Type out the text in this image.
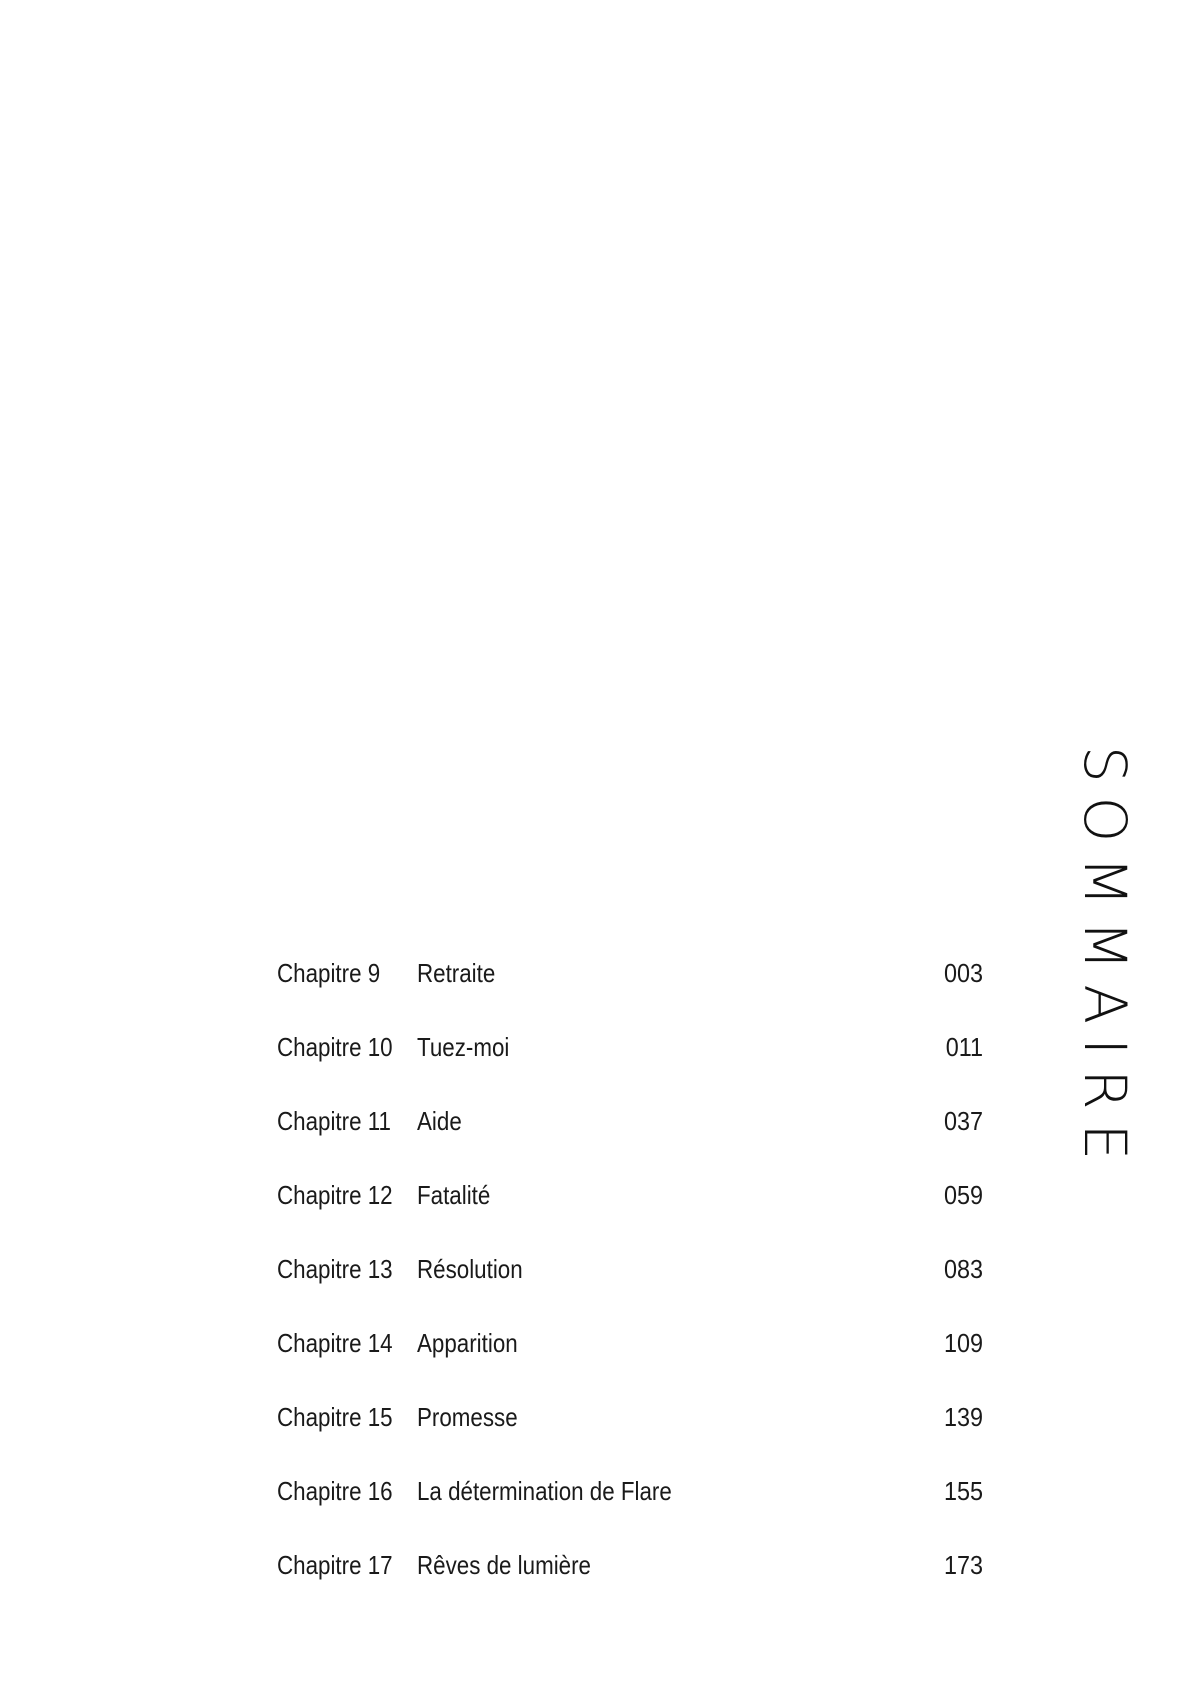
SOMMAIRE
Chapitre 9	Retraite	003
Chapitre 10 Tuez-moi	011
Chapitre 11 Aide	037
Chapitre 12 Fatalité	059
Chapitre 13 Résolution	083
Chapitre 14 Apparition	109
Chapitre 15 Promesse	139
Chapitre 16 La détermination de Flare	155
Chapitre 17 Rêves de lumière	173
